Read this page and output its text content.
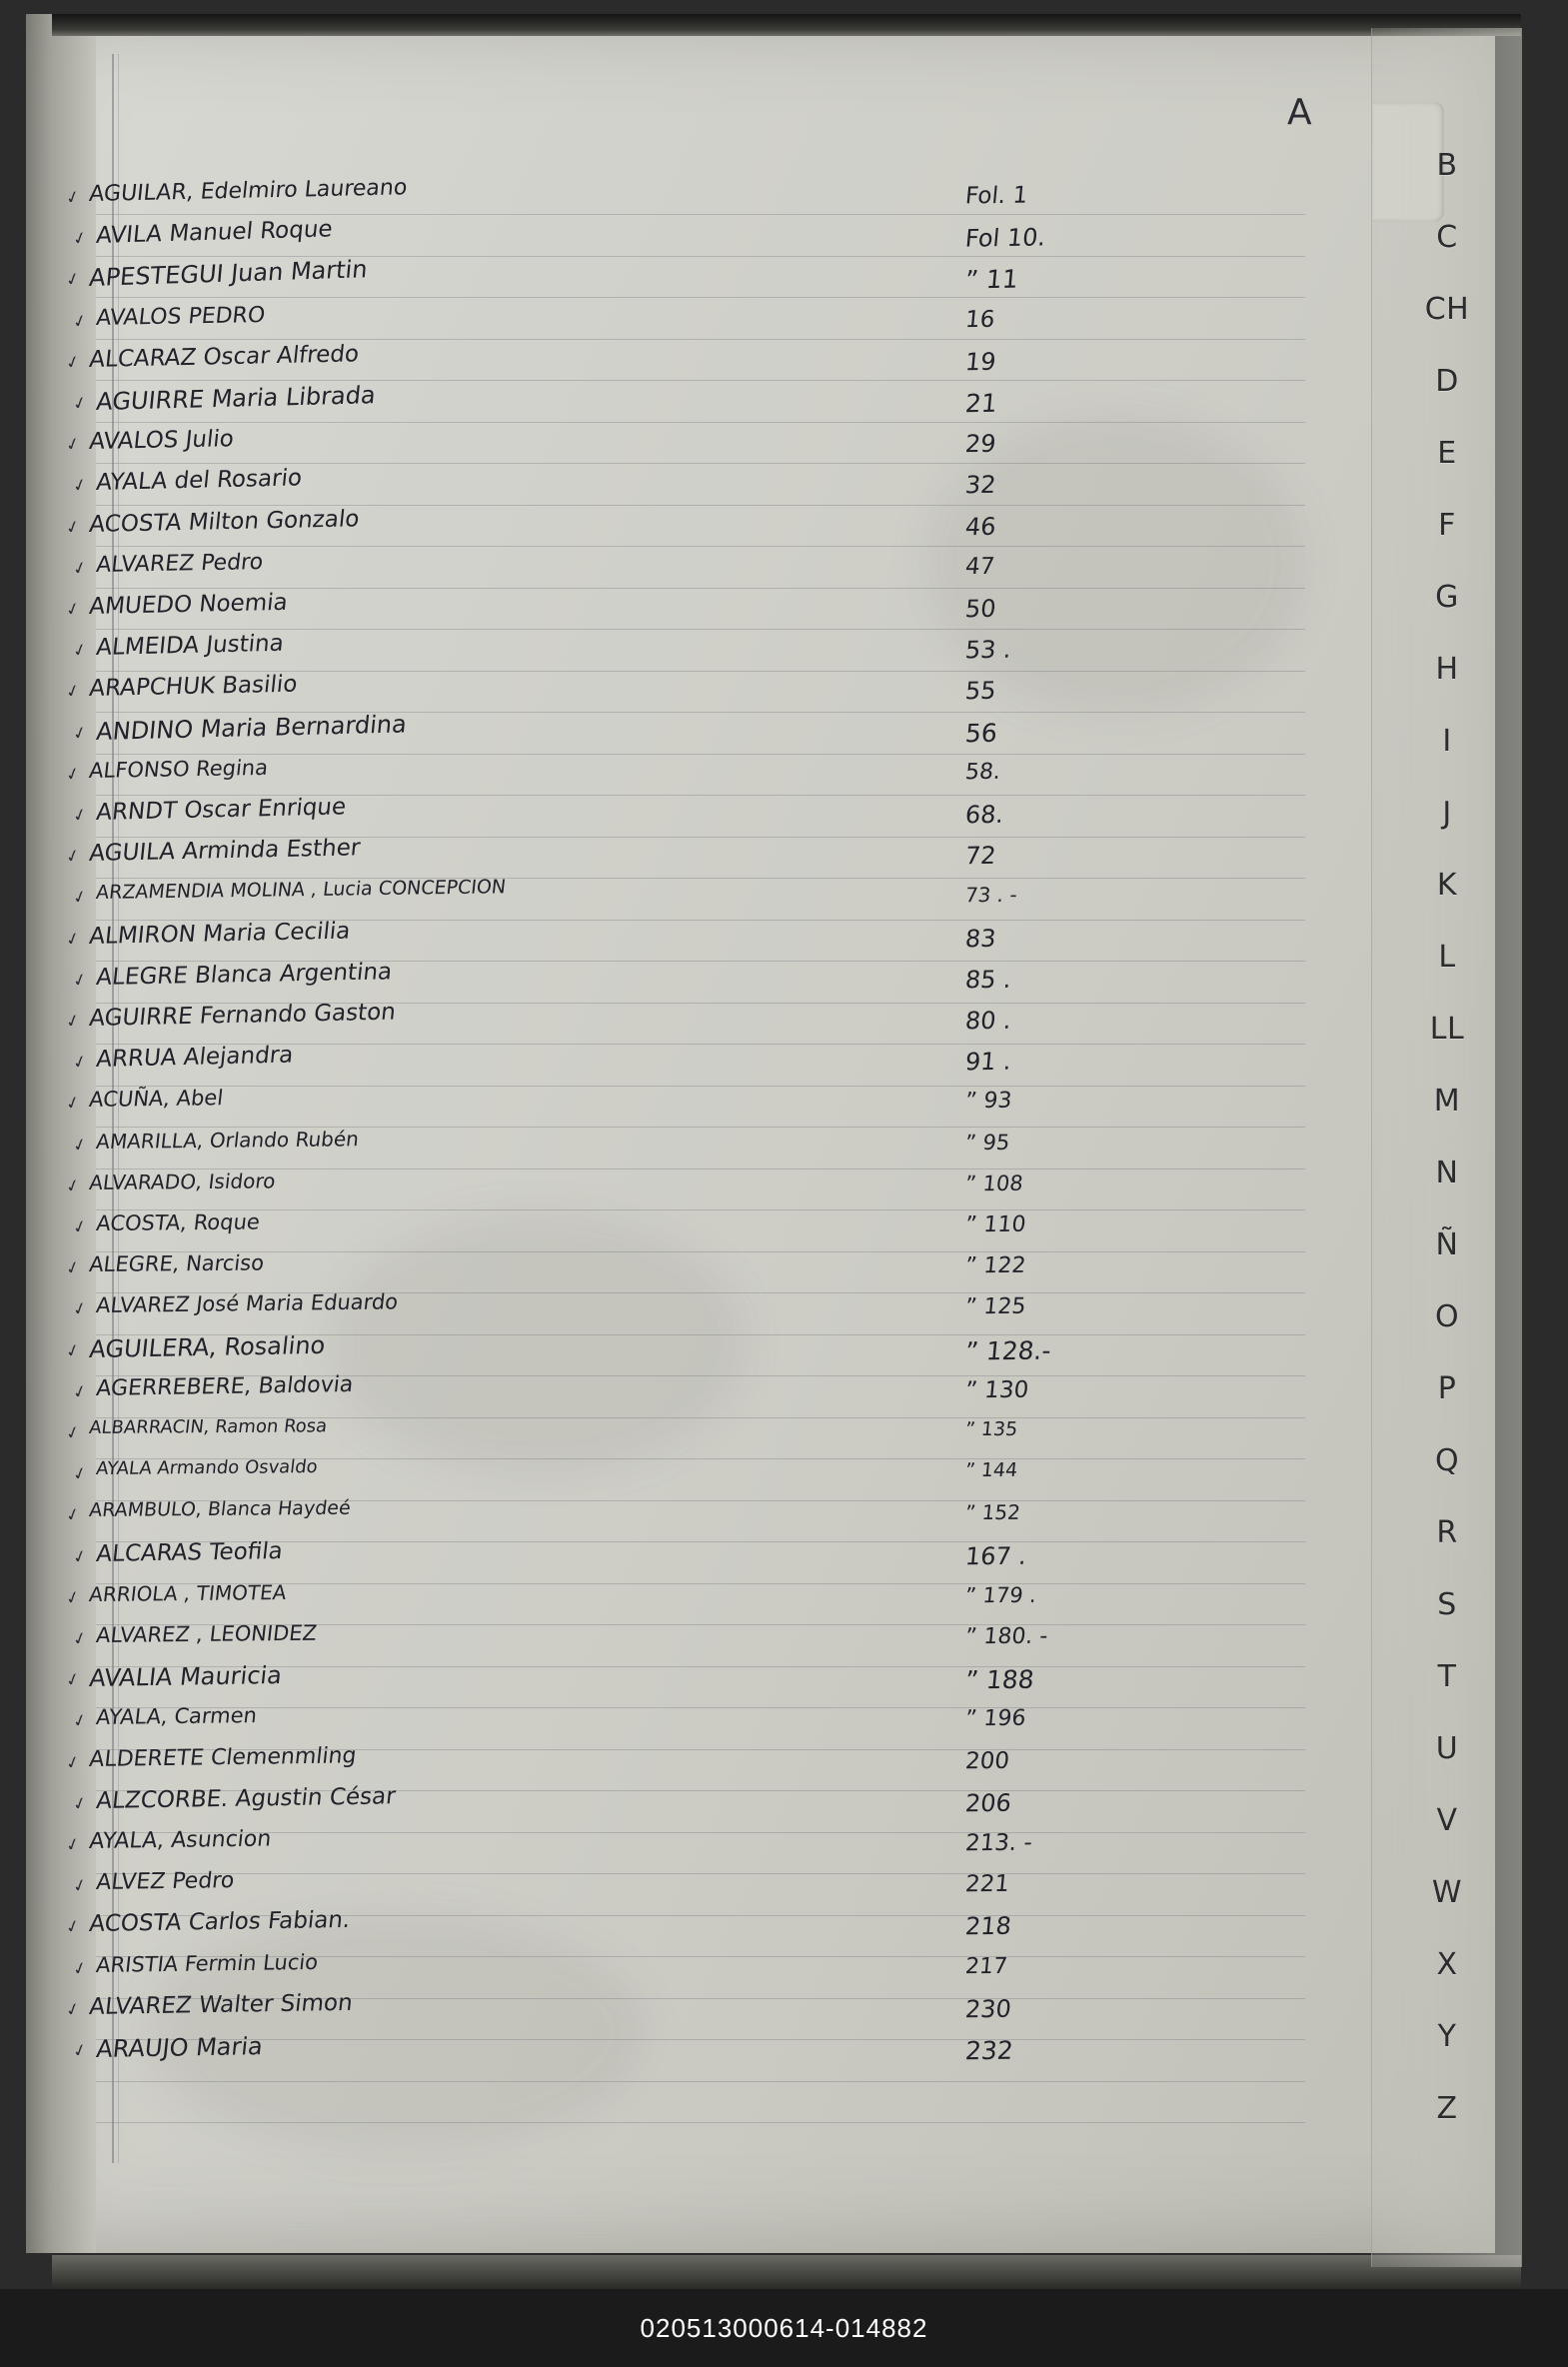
B
C
CH
D
E
F
G
H
I
J
K
L
LL
M
N
Ñ
O
P
Q
R
S
T
U
V
W
X
Y
Z
A
✓ AGUILAR, Edelmiro Laureano	Fol. 1
✓ AVILA Manuel Roque	Fol 10.
✓ APESTEGUI Juan Martin	” 11
✓ AVALOS PEDRO	16
✓ ALCARAZ Oscar Alfredo	19
✓ AGUIRRE Maria Librada	21
✓ AVALOS Julio	29
✓ AYALA del Rosario	32
✓ ACOSTA Milton Gonzalo	46
✓ ALVAREZ Pedro	47
✓ AMUEDO Noemia	50
✓ ALMEIDA Justina	53 .
✓ ARAPCHUK Basilio	55
✓ ANDINO Maria Bernardina	56
✓ ALFONSO Regina	58.
✓ ARNDT Oscar Enrique	68.
✓ AGUILA Arminda Esther	72
✓ ARZAMENDIA MOLINA , Lucia CONCEPCION	73 . -
✓ ALMIRON Maria Cecilia	83
✓ ALEGRE Blanca Argentina	85 .
✓ AGUIRRE Fernando Gaston	80 .
✓ ARRUA Alejandra	91 .
✓ ACUÑA, Abel	” 93
✓ AMARILLA, Orlando Rubén	” 95
✓ ALVARADO, Isidoro	” 108
✓ ACOSTA, Roque	” 110
✓ ALEGRE, Narciso	” 122
✓ ALVAREZ José Maria Eduardo	” 125
✓ AGUILERA, Rosalino	” 128.-
✓ AGERREBERE, Baldovia	” 130
✓ ALBARRACIN, Ramon Rosa	” 135
✓ AYALA Armando Osvaldo	” 144
✓ ARAMBULO, Blanca Haydeé	” 152
✓ ALCARAS Teofila	167 .
✓ ARRIOLA , TIMOTEA	” 179 .
✓ ALVAREZ , LEONIDEZ	” 180. -
✓ AVALIA Mauricia	” 188
✓ AYALA, Carmen	” 196
✓ ALDERETE Clemenmling	200
✓ ALZCORBE. Agustin César	206
✓ AYALA, Asuncion	213. -
✓ ALVEZ Pedro	221
✓ ACOSTA Carlos Fabian.	218
✓ ARISTIA Fermin Lucio	217
✓ ALVAREZ Walter Simon	230
✓ ARAUJO Maria	232
020513000614-014882
